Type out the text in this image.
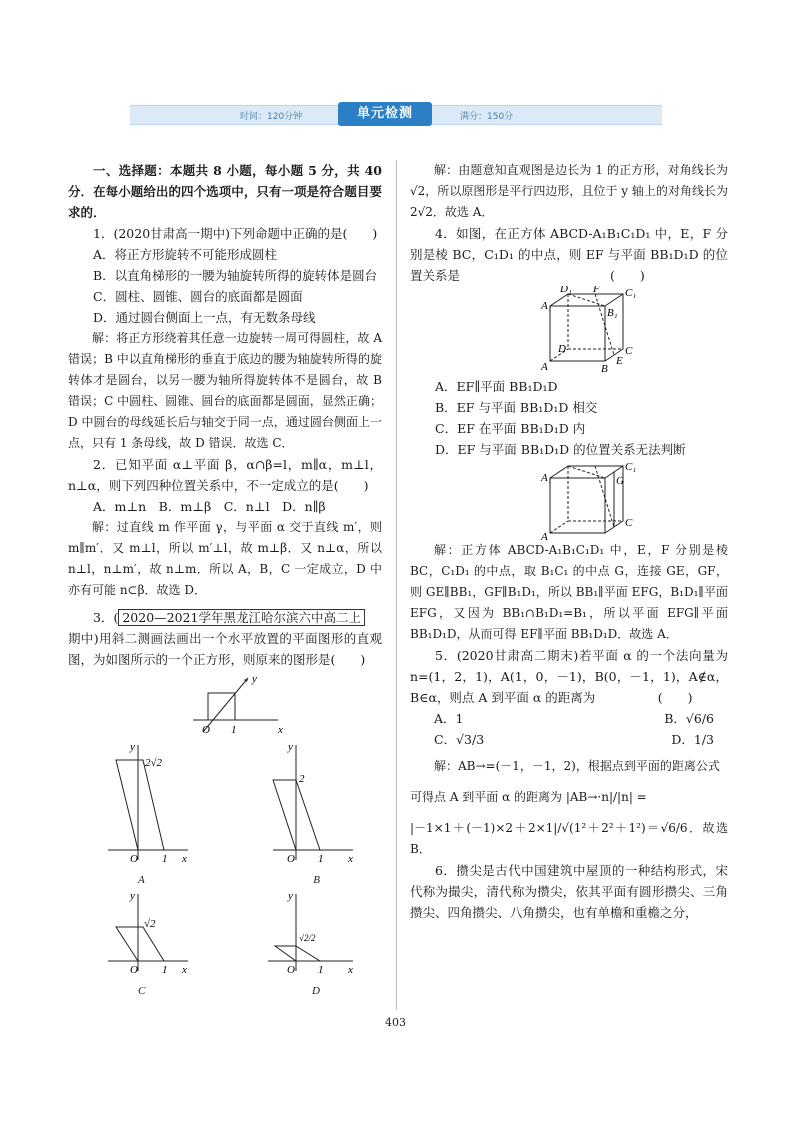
时间：120分钟	单元检测	满分：150分

一、选择题：本题共 8 小题，每小题 5 分，共 40 分．在每小题给出的四个选项中，只有一项是符合题目要求的．

1．(2020甘肃高一期中)下列命题中正确的是(　　)

A．将正方形旋转不可能形成圆柱

B．以直角梯形的一腰为轴旋转所得的旋转体是圆台

C．圆柱、圆锥、圆台的底面都是圆面

D．通过圆台侧面上一点，有无数条母线

解：将正方形绕着其任意一边旋转一周可得圆柱，故 A 错误；B 中以直角梯形的垂直于底边的腰为轴旋转所得的旋转体才是圆台，以另一腰为轴所得旋转体不是圆台，故 B 错误；C 中圆柱、圆锥、圆台的底面都是圆面，显然正确；D 中圆台的母线延长后与轴交于同一点，通过圆台侧面上一点，只有 1 条母线，故 D 错误．故选 C．

2．已知平面 α⊥平面 β，α∩β=l，m∥α，m⊥l，n⊥α，则下列四种位置关系中，不一定成立的是(　　)

A．m⊥n　B．m⊥β　C．n⊥l　D．n∥β

解：过直线 m 作平面 γ，与平面 α 交于直线 m′，则 m∥m′．又 m⊥l，所以 m′⊥l，故 m⊥β．又 n⊥α，所以 n⊥l，n⊥m′，故 n⊥m．所以 A，B，C 一定成立，D 中亦有可能 n⊂β．故选 D．

3．( 2020—2021学年黑龙江哈尔滨六中高二上

期中)用斜二测画法画出一个水平放置的平面图形的直观图，为如图所示的一个正方形，则原来的图形是(　　)

y
O 1	x
y
2√2
O 1 x
y
2
O 1 x
A	B
y
√2
O 1 x
y
√2/2
O 1 x
C	D

解：由题意知直观图是边长为 1 的正方形，对角线长为√2，所以原图形是平行四边形，且位于 y 轴上的对角线长为 2√2．故选 A．

4．如图，在正方体 ABCD-A₁B₁C₁D₁ 中，E，F 分别是棱 BC，C₁D₁ 的中点，则 EF 与平面 BB₁D₁D 的位置关系是　　　　　　　　　　　　(　　)

A₁
D₁ F C₁
B₁
D	C
A	B
E

A．EF∥平面 BB₁D₁D

B．EF 与平面 BB₁D₁D 相交

C．EF 在平面 BB₁D₁D 内

D．EF 与平面 BB₁D₁D 的位置关系无法判断

A₁
C₁
G
C
A

解：正方体 ABCD-A₁B₁C₁D₁ 中，E，F 分别是棱 BC，C₁D₁ 的中点，取 B₁C₁ 的中点 G，连接 GE，GF，则 GE∥BB₁，GF∥B₁D₁，所以 BB₁∥平面 EFG，B₁D₁∥平面 EFG，又因为 BB₁∩B₁D₁=B₁，所以平面 EFG∥平面 BB₁D₁D，从而可得 EF∥平面 BB₁D₁D．故选 A．

5．(2020甘肃高二期末)若平面 α 的一个法向量为 n=(1，2，1)，A(1，0，－1)，B(0，－1，1)，A∉α，B∈α，则点 A 到平面 α 的距离为　　　　　(　　)

A．1	B．√6/6
C．√3/3	D．1/3

解：AB→=(－1，－1，2)，根据点到平面的距离公式

可得点 A 到平面 α 的距离为 |AB→·n|/|n| =

|－1×1＋(－1)×2＋2×1|/√(1²＋2²＋1²)＝√6/6．故选 B．

6．攒尖是古代中国建筑中屋顶的一种结构形式，宋代称为撮尖，清代称为攒尖，依其平面有圆形攒尖、三角攒尖、四角攒尖、八角攒尖，也有单檐和重檐之分，

403
